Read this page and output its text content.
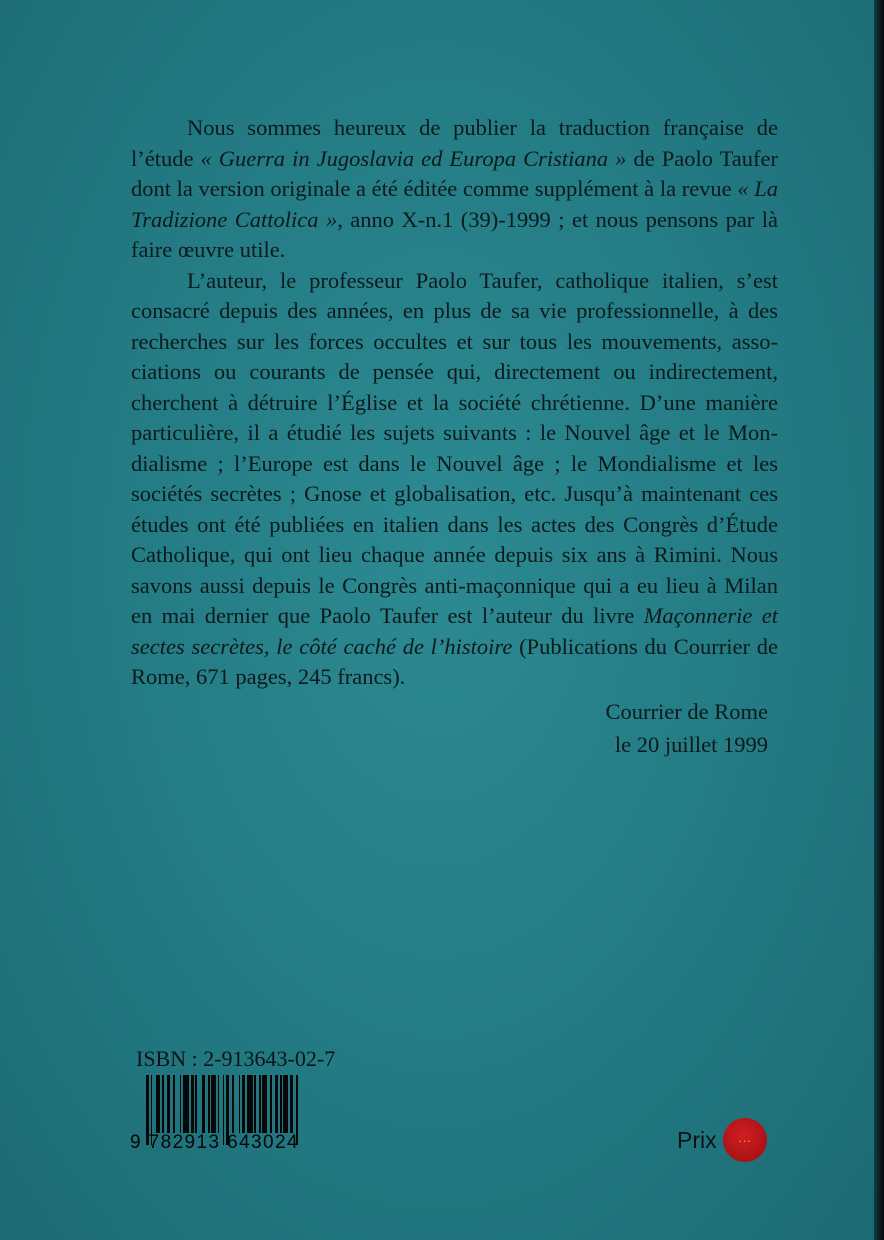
Nous sommes heureux de publier la traduction française de l’étude « Guerra in Jugoslavia ed Europa Cristiana » de Paolo Taufer dont la version originale a été éditée comme supplément à la revue « La Tradizione Cattolica », anno X-n.1 (39)-1999 ; et nous pensons par là faire œuvre utile.

L’auteur, le professeur Paolo Taufer, catholique italien, s’est consacré depuis des années, en plus de sa vie professionnelle, à des recherches sur les forces occultes et sur tous les mouvements, associations ou courants de pensée qui, directement ou indirectement, cherchent à détruire l’Église et la société chrétienne. D’une manière particulière, il a étudié les sujets suivants : le Nouvel âge et le Mondialisme ; l’Europe est dans le Nouvel âge ; le Mondialisme et les sociétés secrètes ; Gnose et globalisation, etc. Jusqu’à maintenant ces études ont été publiées en italien dans les actes des Congrès d’Étude Catholique, qui ont lieu chaque année depuis six ans à Rimini. Nous savons aussi depuis le Congrès anti-maçonnique qui a eu lieu à Milan en mai dernier que Paolo Taufer est l’auteur du livre Maçonnerie et sectes secrètes, le côté caché de l’histoire (Publications du Courrier de Rome, 671 pages, 245 francs).

Courrier de Rome
le 20 juillet 1999
ISBN : 2-913643-02-7
9 782913 643024	Prix	···
